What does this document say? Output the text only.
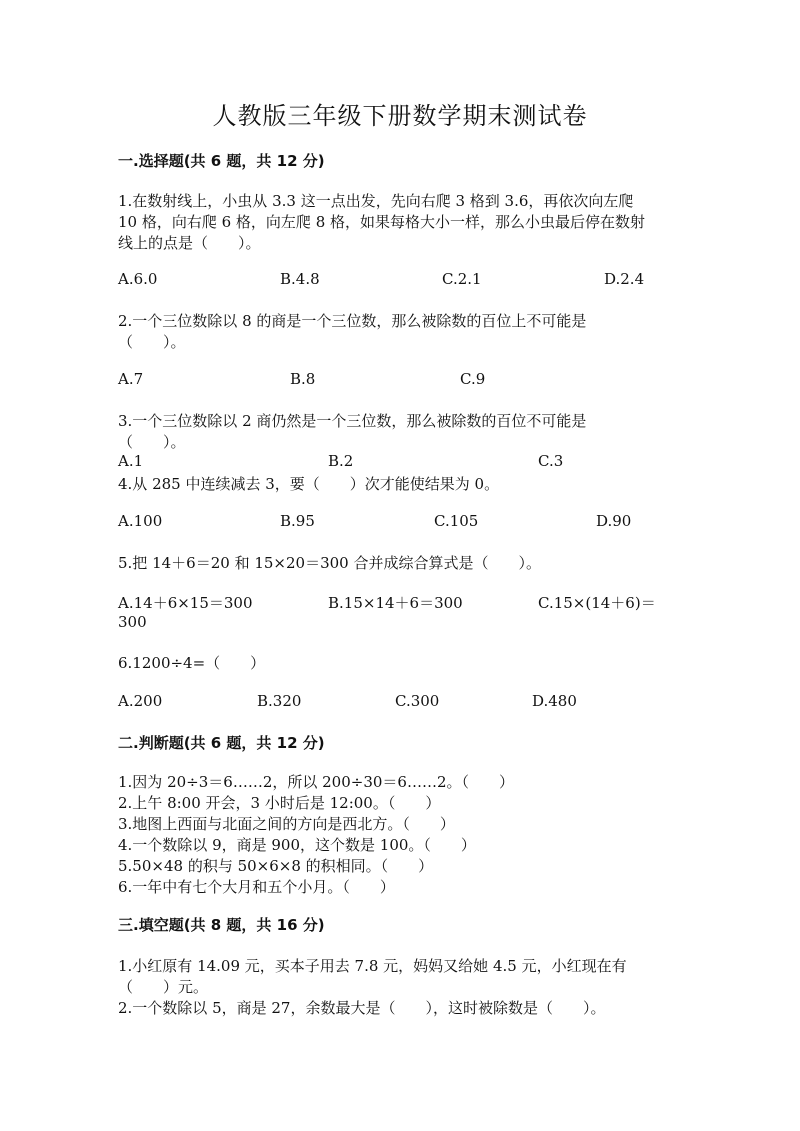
人教版三年级下册数学期末测试卷
一.选择题(共 6 题，共 12 分)
1.在数射线上，小虫从 3.3 这一点出发，先向右爬 3 格到 3.6，再依次向左爬
10 格，向右爬 6 格，向左爬 8 格，如果每格大小一样，那么小虫最后停在数射
线上的点是（　　）。
A.6.0	B.4.8	C.2.1	D.2.4
2.一个三位数除以 8 的商是一个三位数，那么被除数的百位上不可能是
（　　）。
A.7	B.8	C.9
3.一个三位数除以 2 商仍然是一个三位数，那么被除数的百位不可能是
（　　）。
A.1	B.2	C.3
4.从 285 中连续减去 3，要（　　）次才能使结果为 0。
A.100	B.95	C.105	D.90
5.把 14＋6＝20 和 15×20＝300 合并成综合算式是（　　）。
A.14＋6×15＝300	B.15×14＋6＝300	C.15×(14＋6)＝
300
6.1200÷4=（　　）
A.200	B.320	C.300	D.480
二.判断题(共 6 题，共 12 分)
1.因为 20÷3＝6……2，所以 200÷30＝6……2。（　　）
2.上午 8:00 开会，3 小时后是 12:00。（　　）
3.地图上西面与北面之间的方向是西北方。（　　）
4.一个数除以 9，商是 900，这个数是 100。（　　）
5.50×48 的积与 50×6×8 的积相同。（　　）
6.一年中有七个大月和五个小月。（　　）
三.填空题(共 8 题，共 16 分)
1.小红原有 14.09 元，买本子用去 7.8 元，妈妈又给她 4.5 元，小红现在有
（　　）元。
2.一个数除以 5，商是 27，余数最大是（　　），这时被除数是（　　）。
